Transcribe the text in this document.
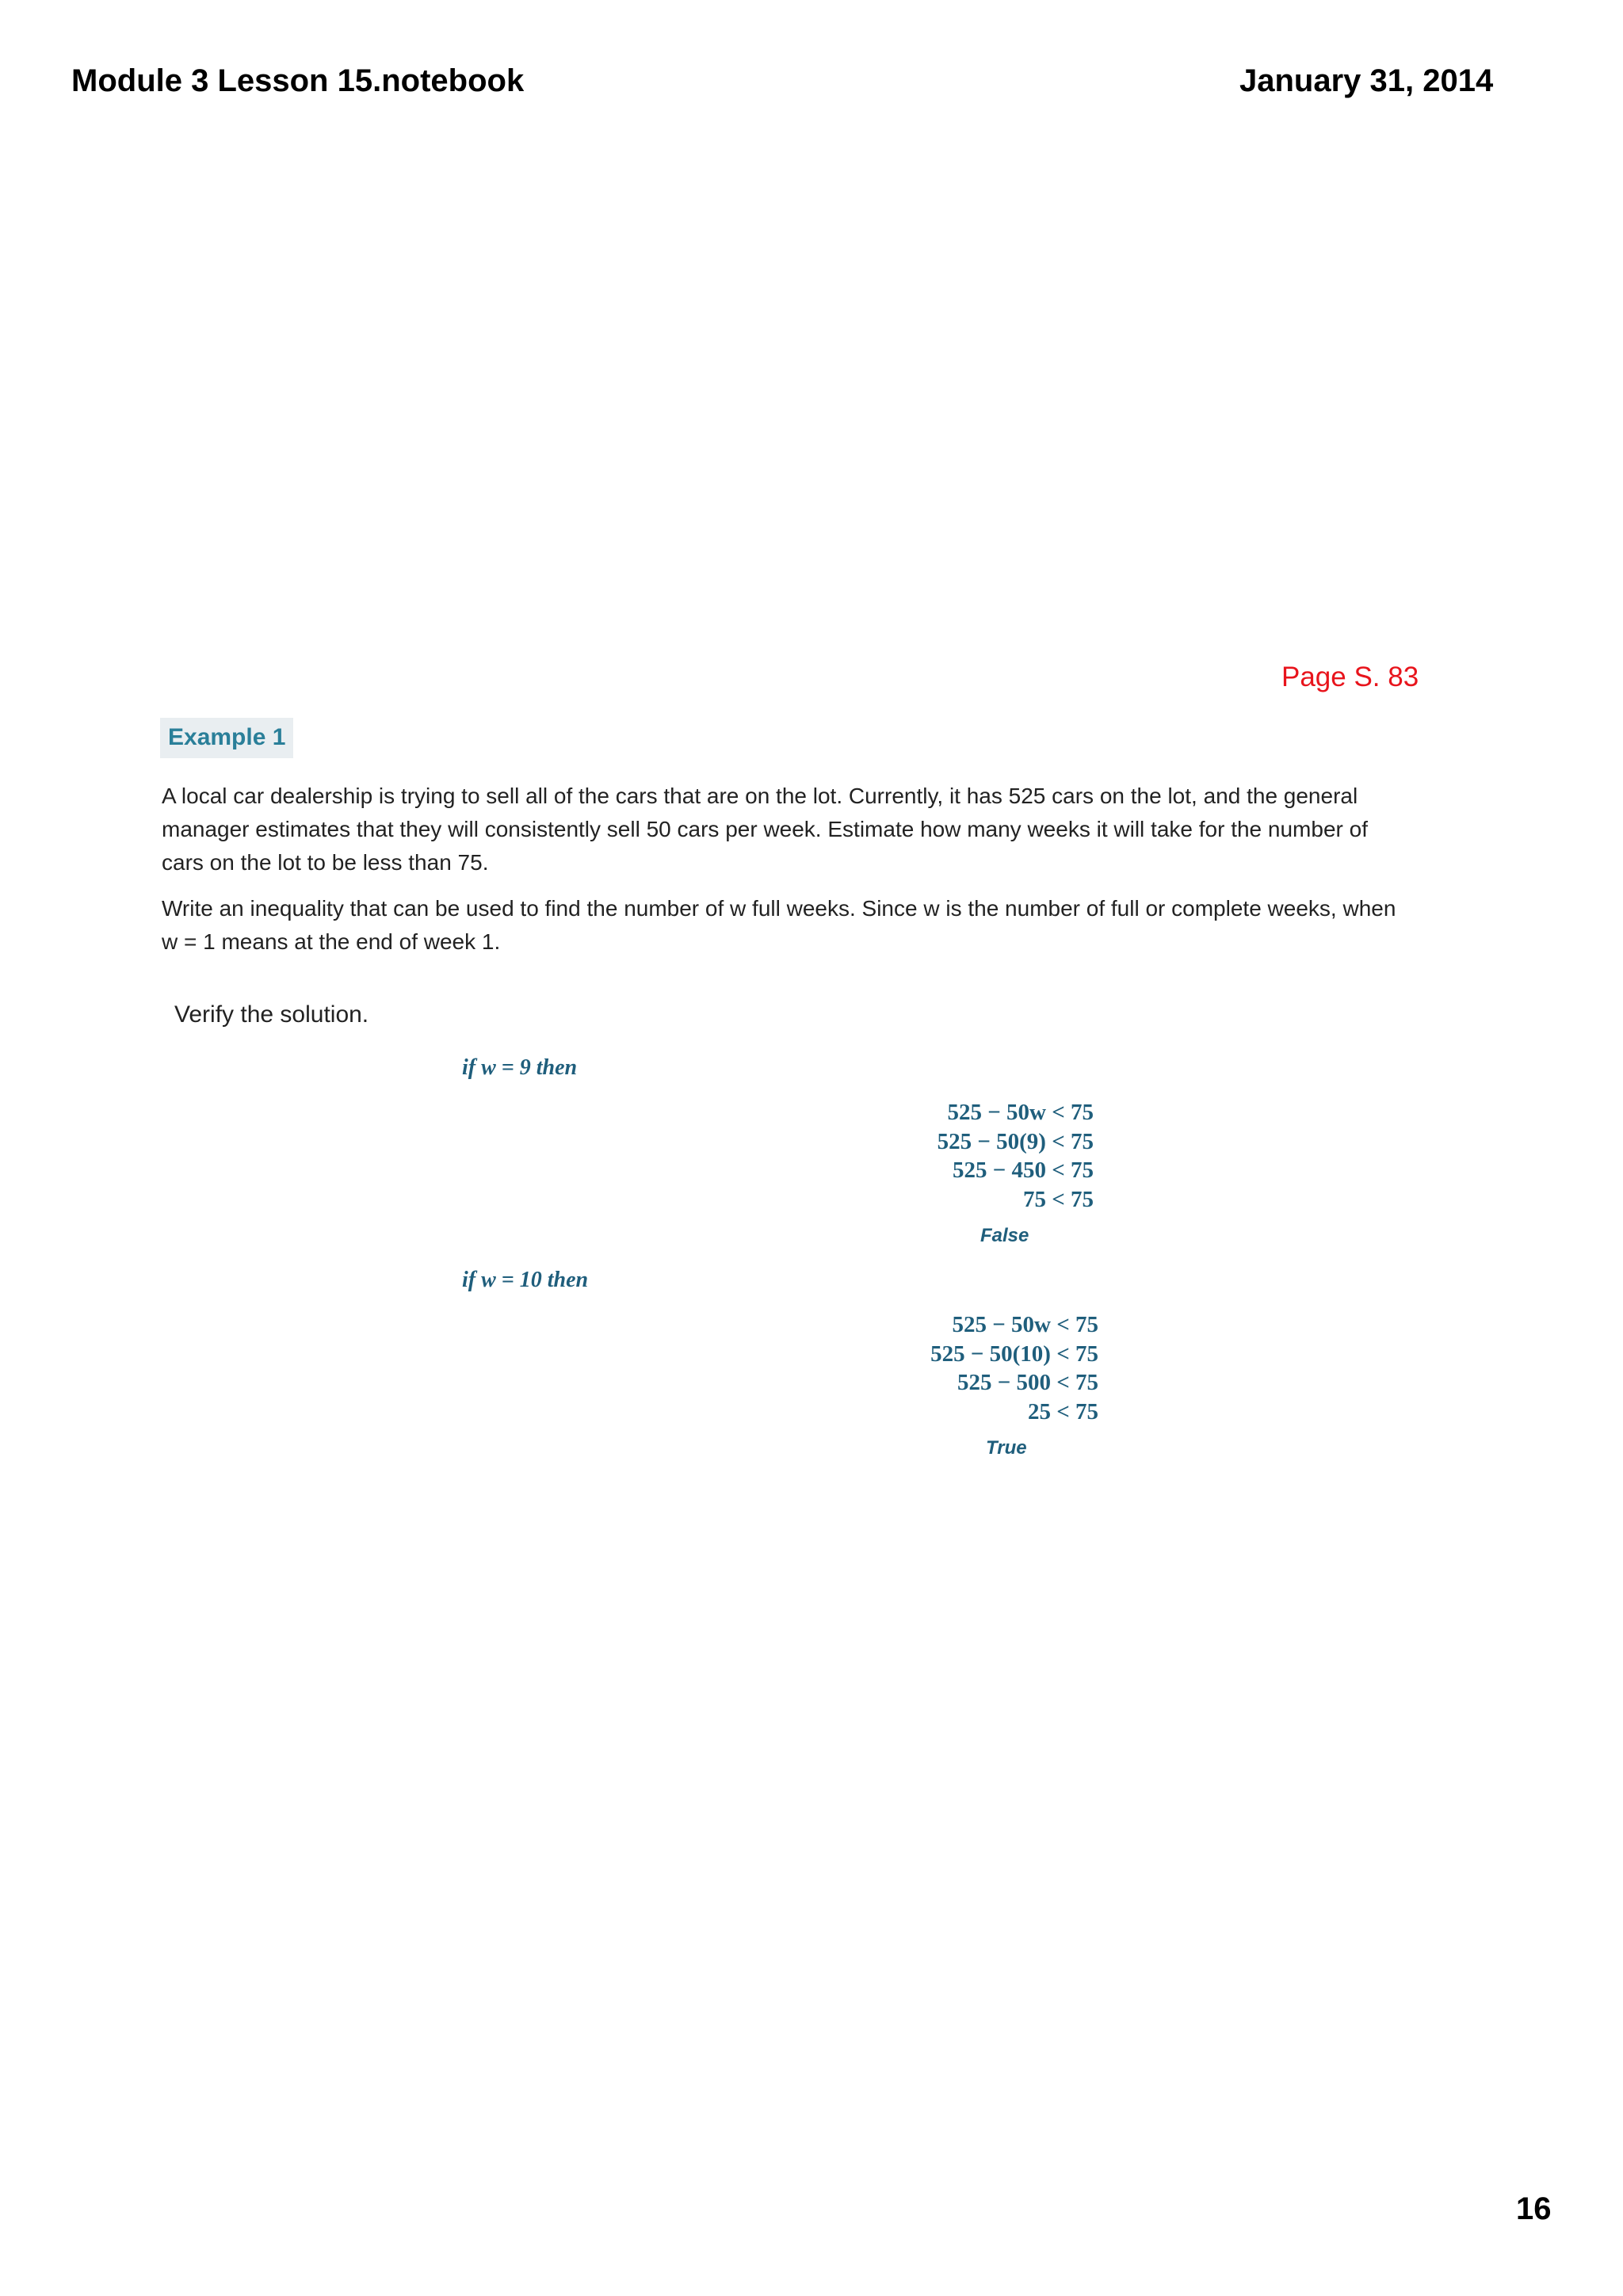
Module 3 Lesson 15.notebook	January 31, 2014
Page S. 83
Example 1
A local car dealership is trying to sell all of the cars that are on the lot. Currently, it has 525 cars on the lot, and the general manager estimates that they will consistently sell 50 cars per week. Estimate how many weeks it will take for the number of cars on the lot to be less than 75.
Write an inequality that can be used to find the number of w full weeks. Since w is the number of full or complete weeks, when w = 1 means at the end of week 1.
Verify the solution.
if w = 9 then
525 − 50w < 75
525 − 50(9) < 75
525 − 450 < 75
75 < 75
False
if w = 10 then
525 − 50w < 75
525 − 50(10) < 75
525 − 500 < 75
25 < 75
True
16
